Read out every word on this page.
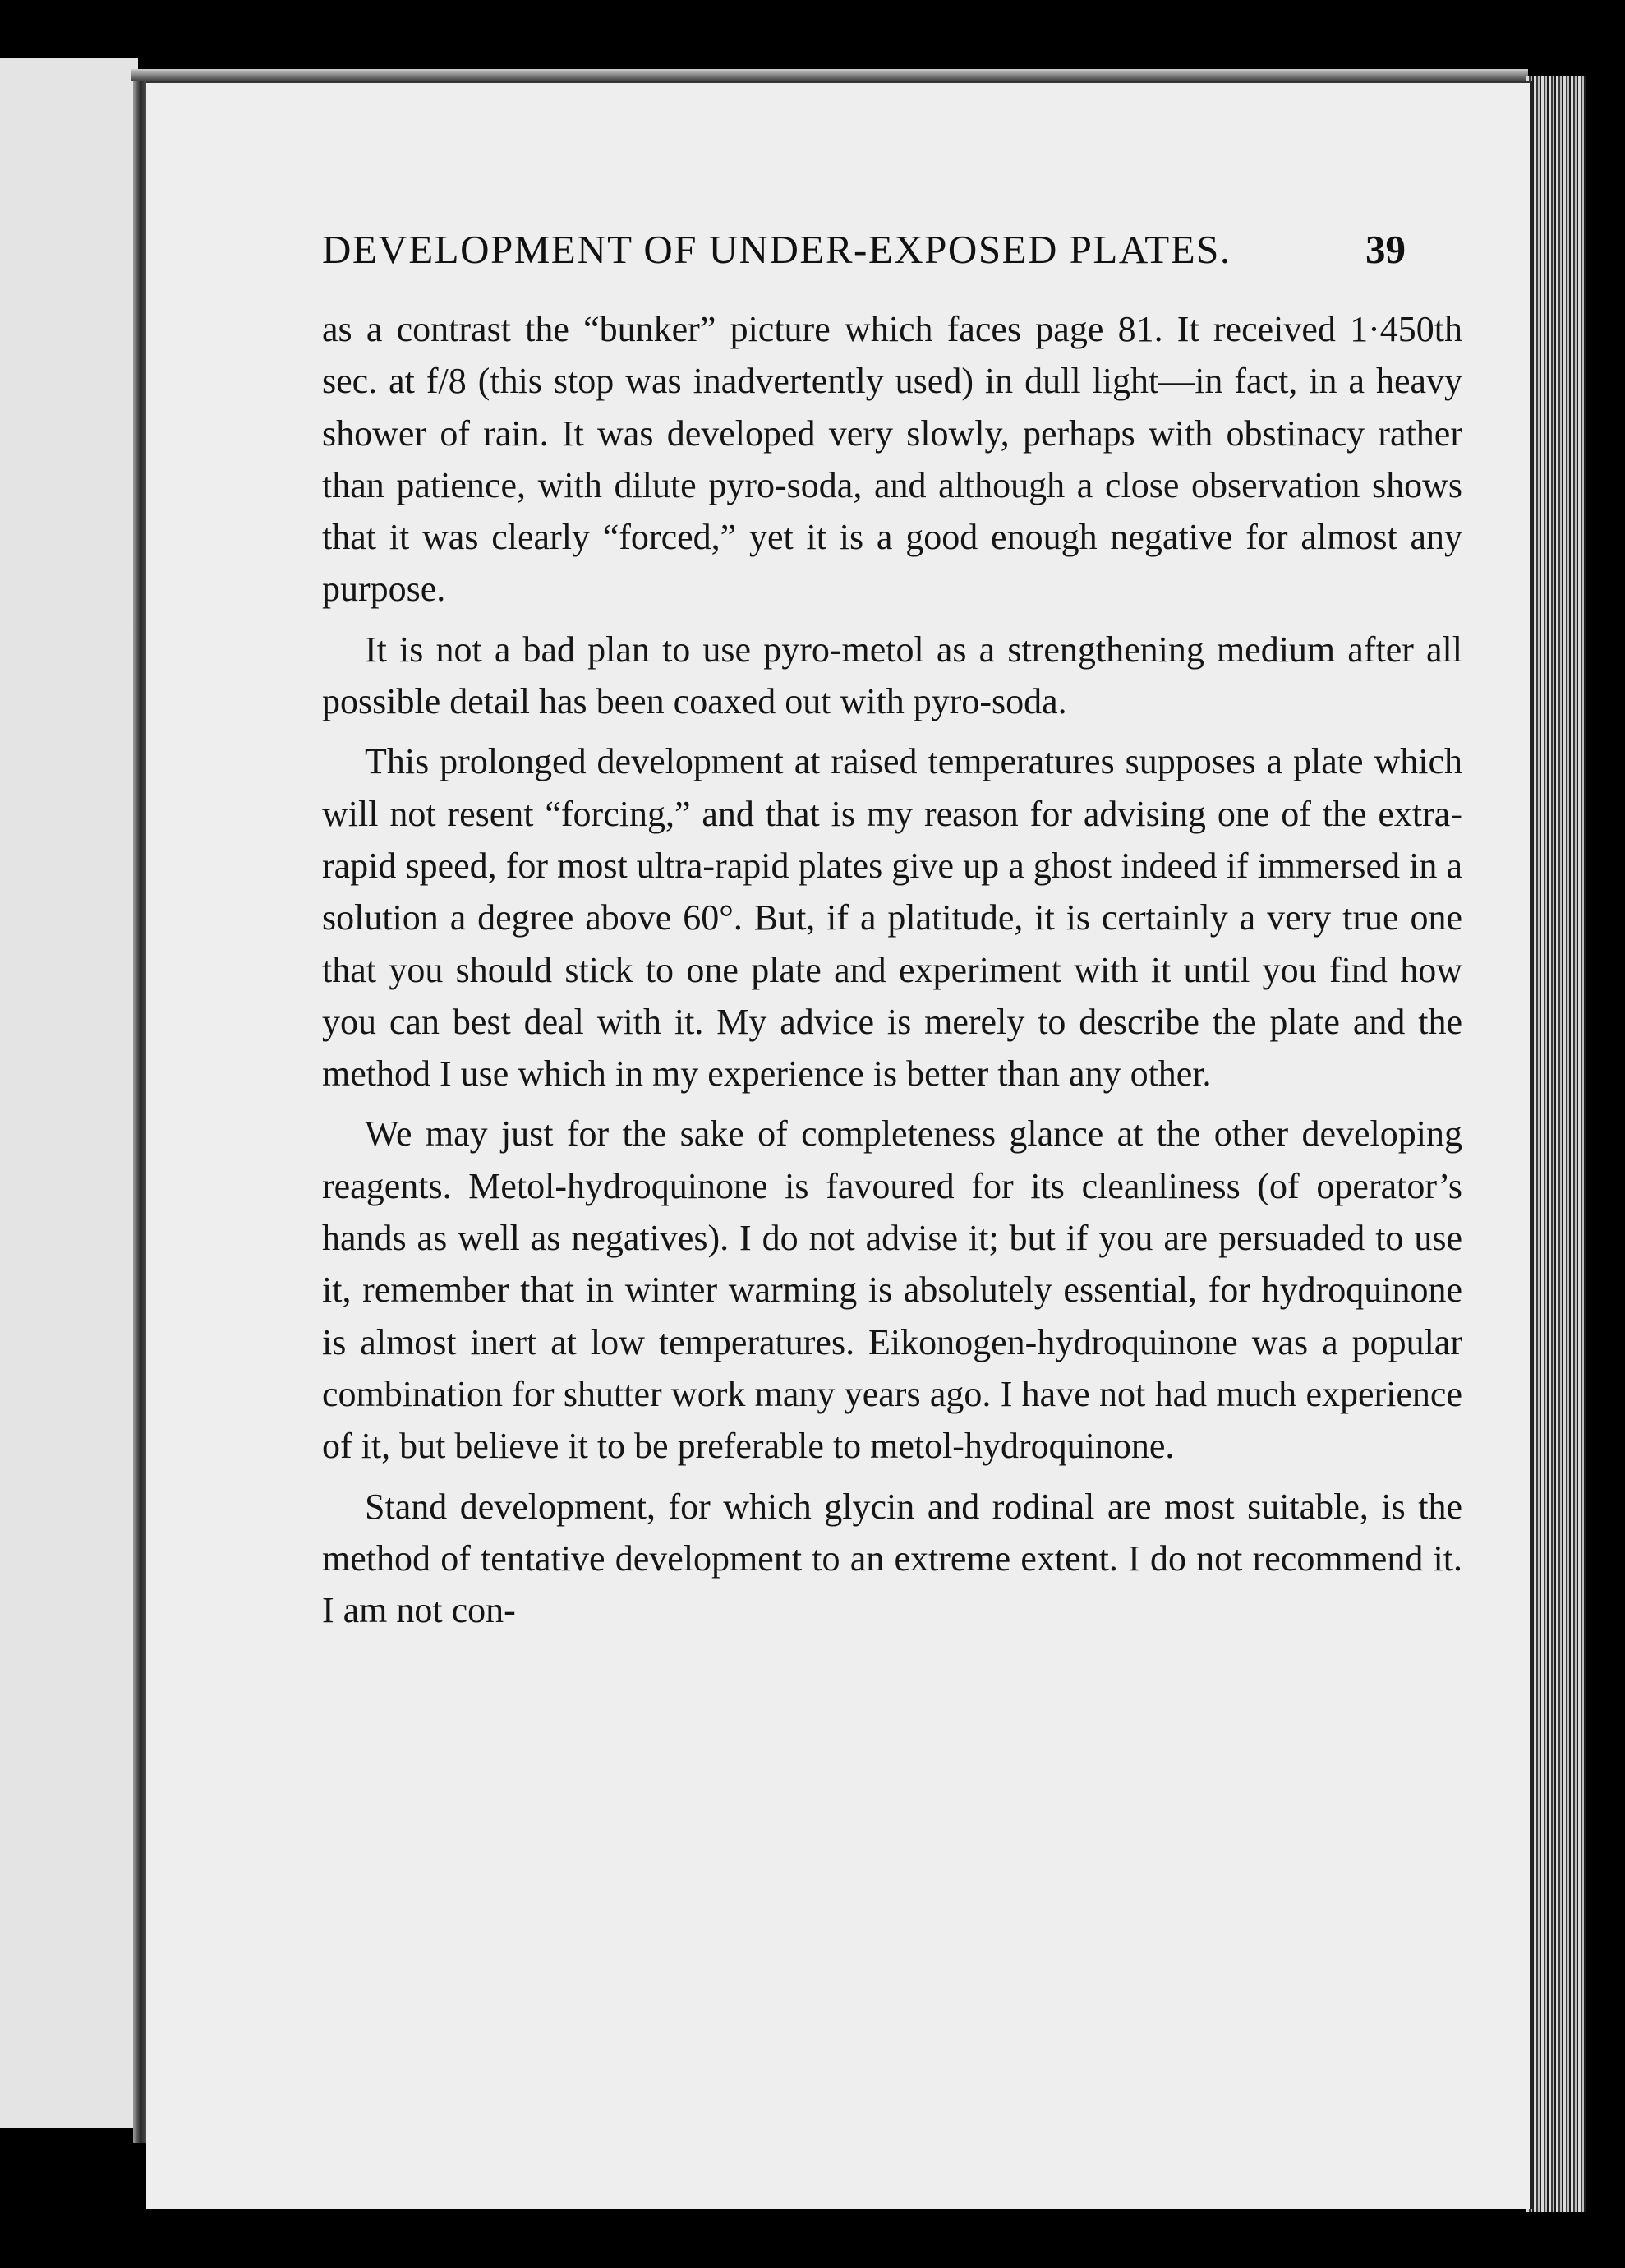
DEVELOPMENT OF UNDER-EXPOSED PLATES.	39

as a contrast the “bunker” picture which faces page 81. It received 1·450th sec. at f/8 (this stop was inadvertently used) in dull light—in fact, in a heavy shower of rain. It was developed very slowly, perhaps with obstinacy rather than patience, with dilute pyro-soda, and although a close observation shows that it was clearly “forced,” yet it is a good enough negative for almost any purpose.

It is not a bad plan to use pyro-metol as a strengthening medium after all possible detail has been coaxed out with pyro-soda.

This prolonged development at raised temperatures supposes a plate which will not resent “forcing,” and that is my reason for advising one of the extra-rapid speed, for most ultra-rapid plates give up a ghost indeed if immersed in a solution a degree above 60°. But, if a platitude, it is certainly a very true one that you should stick to one plate and experiment with it until you find how you can best deal with it. My advice is merely to describe the plate and the method I use which in my experience is better than any other.

We may just for the sake of completeness glance at the other developing reagents. Metol-hydroquinone is favoured for its cleanliness (of operator’s hands as well as negatives). I do not advise it; but if you are persuaded to use it, remember that in winter warming is absolutely essential, for hydroquinone is almost inert at low temperatures. Eikonogen-hydroquinone was a popular combination for shutter work many years ago. I have not had much experience of it, but believe it to be preferable to metol-hydroquinone.

Stand development, for which glycin and rodinal are most suitable, is the method of tentative development to an extreme extent. I do not recommend it. I am not con-
